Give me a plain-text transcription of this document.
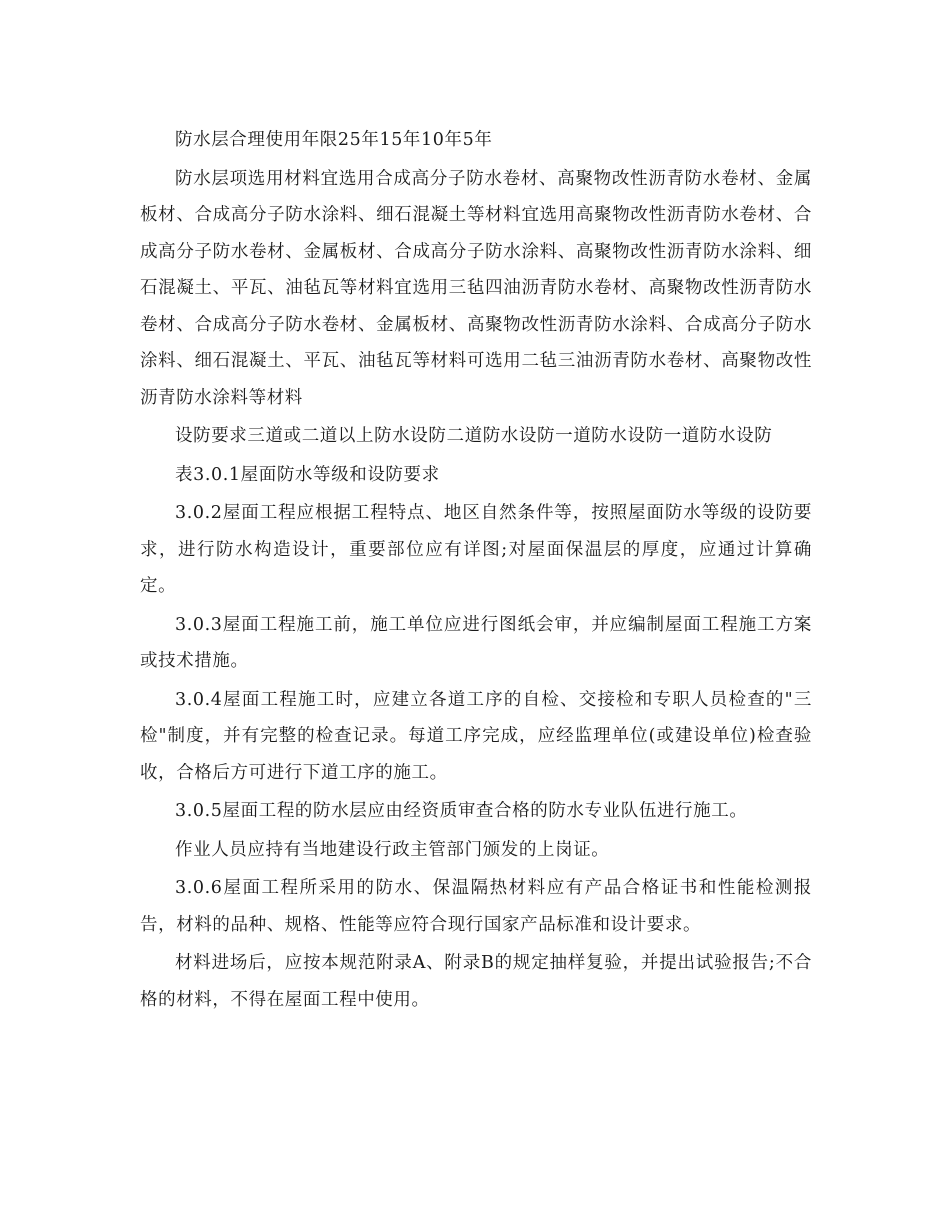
防水层合理使用年限25年15年10年5年

防水层项选用材料宜选用合成高分子防水卷材、高聚物改性沥青防水卷材、金属板材、合成高分子防水涂料、细石混凝土等材料宜选用高聚物改性沥青防水卷材、合成高分子防水卷材、金属板材、合成高分子防水涂料、高聚物改性沥青防水涂料、细石混凝土、平瓦、油毡瓦等材料宜选用三毡四油沥青防水卷材、高聚物改性沥青防水卷材、合成高分子防水卷材、金属板材、高聚物改性沥青防水涂料、合成高分子防水涂料、细石混凝土、平瓦、油毡瓦等材料可选用二毡三油沥青防水卷材、高聚物改性沥青防水涂料等材料

设防要求三道或二道以上防水设防二道防水设防一道防水设防一道防水设防

表3.0.1屋面防水等级和设防要求

3.0.2屋面工程应根据工程特点、地区自然条件等，按照屋面防水等级的设防要求，进行防水构造设计，重要部位应有详图;对屋面保温层的厚度，应通过计算确定。

3.0.3屋面工程施工前，施工单位应进行图纸会审，并应编制屋面工程施工方案或技术措施。

3.0.4屋面工程施工时，应建立各道工序的自检、交接检和专职人员检查的"三检"制度，并有完整的检查记录。每道工序完成，应经监理单位(或建设单位)检查验收，合格后方可进行下道工序的施工。

3.0.5屋面工程的防水层应由经资质审查合格的防水专业队伍进行施工。

作业人员应持有当地建设行政主管部门颁发的上岗证。

3.0.6屋面工程所采用的防水、保温隔热材料应有产品合格证书和性能检测报告，材料的品种、规格、性能等应符合现行国家产品标准和设计要求。

材料进场后，应按本规范附录A、附录B的规定抽样复验，并提出试验报告;不合格的材料，不得在屋面工程中使用。
